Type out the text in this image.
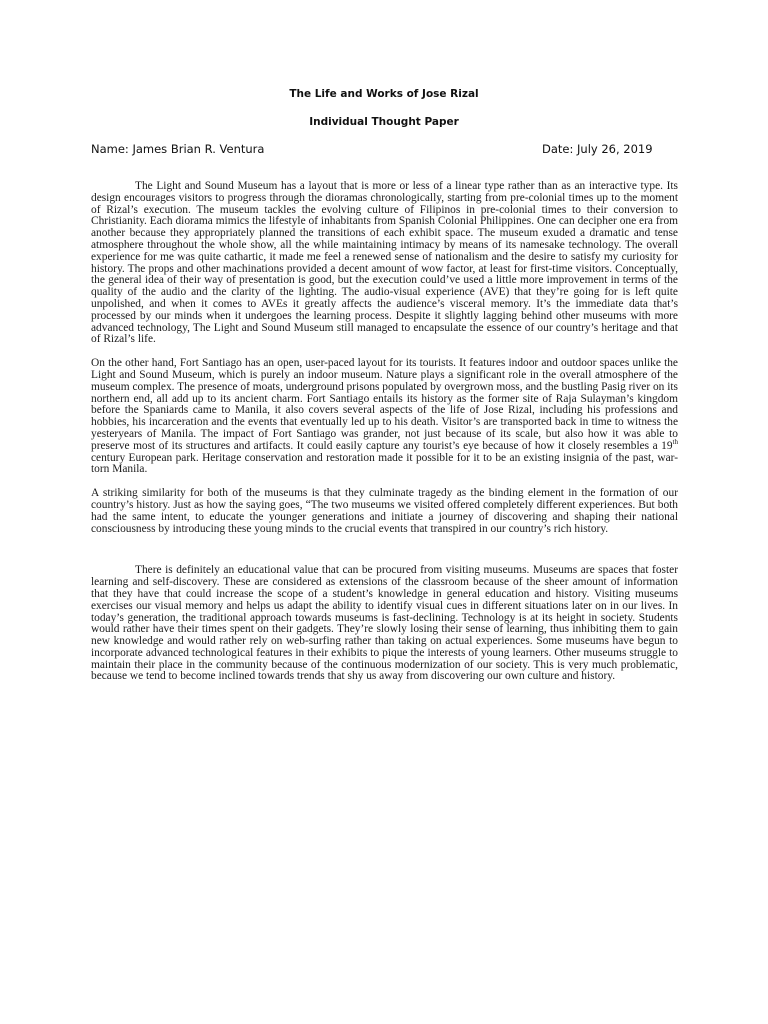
The Life and Works of Jose Rizal
Individual Thought Paper
Name: James Brian R. Ventura	Date: July 26, 2019

The Light and Sound Museum has a layout that is more or less of a linear type rather than as an interactive type. Its design encourages visitors to progress through the dioramas chronologically, starting from pre-colonial times up to the moment of Rizal’s execution. The museum tackles the evolving culture of Filipinos in pre-colonial times to their conversion to Christianity. Each diorama mimics the lifestyle of inhabitants from Spanish Colonial Philippines. One can decipher one era from another because they appropriately planned the transitions of each exhibit space. The museum exuded a dramatic and tense atmosphere throughout the whole show, all the while maintaining intimacy by means of its namesake technology. The overall experience for me was quite cathartic, it made me feel a renewed sense of nationalism and the desire to satisfy my curiosity for history. The props and other machinations provided a decent amount of wow factor, at least for first-time visitors. Conceptually, the general idea of their way of presentation is good, but the execution could’ve used a little more improvement in terms of the quality of the audio and the clarity of the lighting. The audio-visual experience (AVE) that they’re going for is left quite unpolished, and when it comes to AVEs it greatly affects the audience’s visceral memory. It’s the immediate data that’s processed by our minds when it undergoes the learning process. Despite it slightly lagging behind other museums with more advanced technology, The Light and Sound Museum still managed to encapsulate the essence of our country’s heritage and that of Rizal’s life.

On the other hand, Fort Santiago has an open, user-paced layout for its tourists. It features indoor and outdoor spaces unlike the Light and Sound Museum, which is purely an indoor museum. Nature plays a significant role in the overall atmosphere of the museum complex. The presence of moats, underground prisons populated by overgrown moss, and the bustling Pasig river on its northern end, all add up to its ancient charm. Fort Santiago entails its history as the former site of Raja Sulayman’s kingdom before the Spaniards came to Manila, it also covers several aspects of the life of Jose Rizal, including his professions and hobbies, his incarceration and the events that eventually led up to his death. Visitor’s are transported back in time to witness the yesteryears of Manila. The impact of Fort Santiago was grander, not just because of its scale, but also how it was able to preserve most of its structures and artifacts. It could easily capture any tourist’s eye because of how it closely resembles a 19th century European park. Heritage conservation and restoration made it possible for it to be an existing insignia of the past, war-torn Manila.

A striking similarity for both of the museums is that they culminate tragedy as the binding element in the formation of our country’s history. Just as how the saying goes, “The two museums we visited offered completely different experiences. But both had the same intent, to educate the younger generations and initiate a journey of discovering and shaping their national consciousness by introducing these young minds to the crucial events that transpired in our country’s rich history.

There is definitely an educational value that can be procured from visiting museums. Museums are spaces that foster learning and self-discovery. These are considered as extensions of the classroom because of the sheer amount of information that they have that could increase the scope of a student’s knowledge in general education and history. Visiting museums exercises our visual memory and helps us adapt the ability to identify visual cues in different situations later on in our lives. In today’s generation, the traditional approach towards museums is fast-declining. Technology is at its height in society. Students would rather have their times spent on their gadgets. They’re slowly losing their sense of learning, thus inhibiting them to gain new knowledge and would rather rely on web-surfing rather than taking on actual experiences. Some museums have begun to incorporate advanced technological features in their exhibits to pique the interests of young learners. Other museums struggle to maintain their place in the community because of the continuous modernization of our society. This is very much problematic, because we tend to become inclined towards trends that shy us away from discovering our own culture and history.
